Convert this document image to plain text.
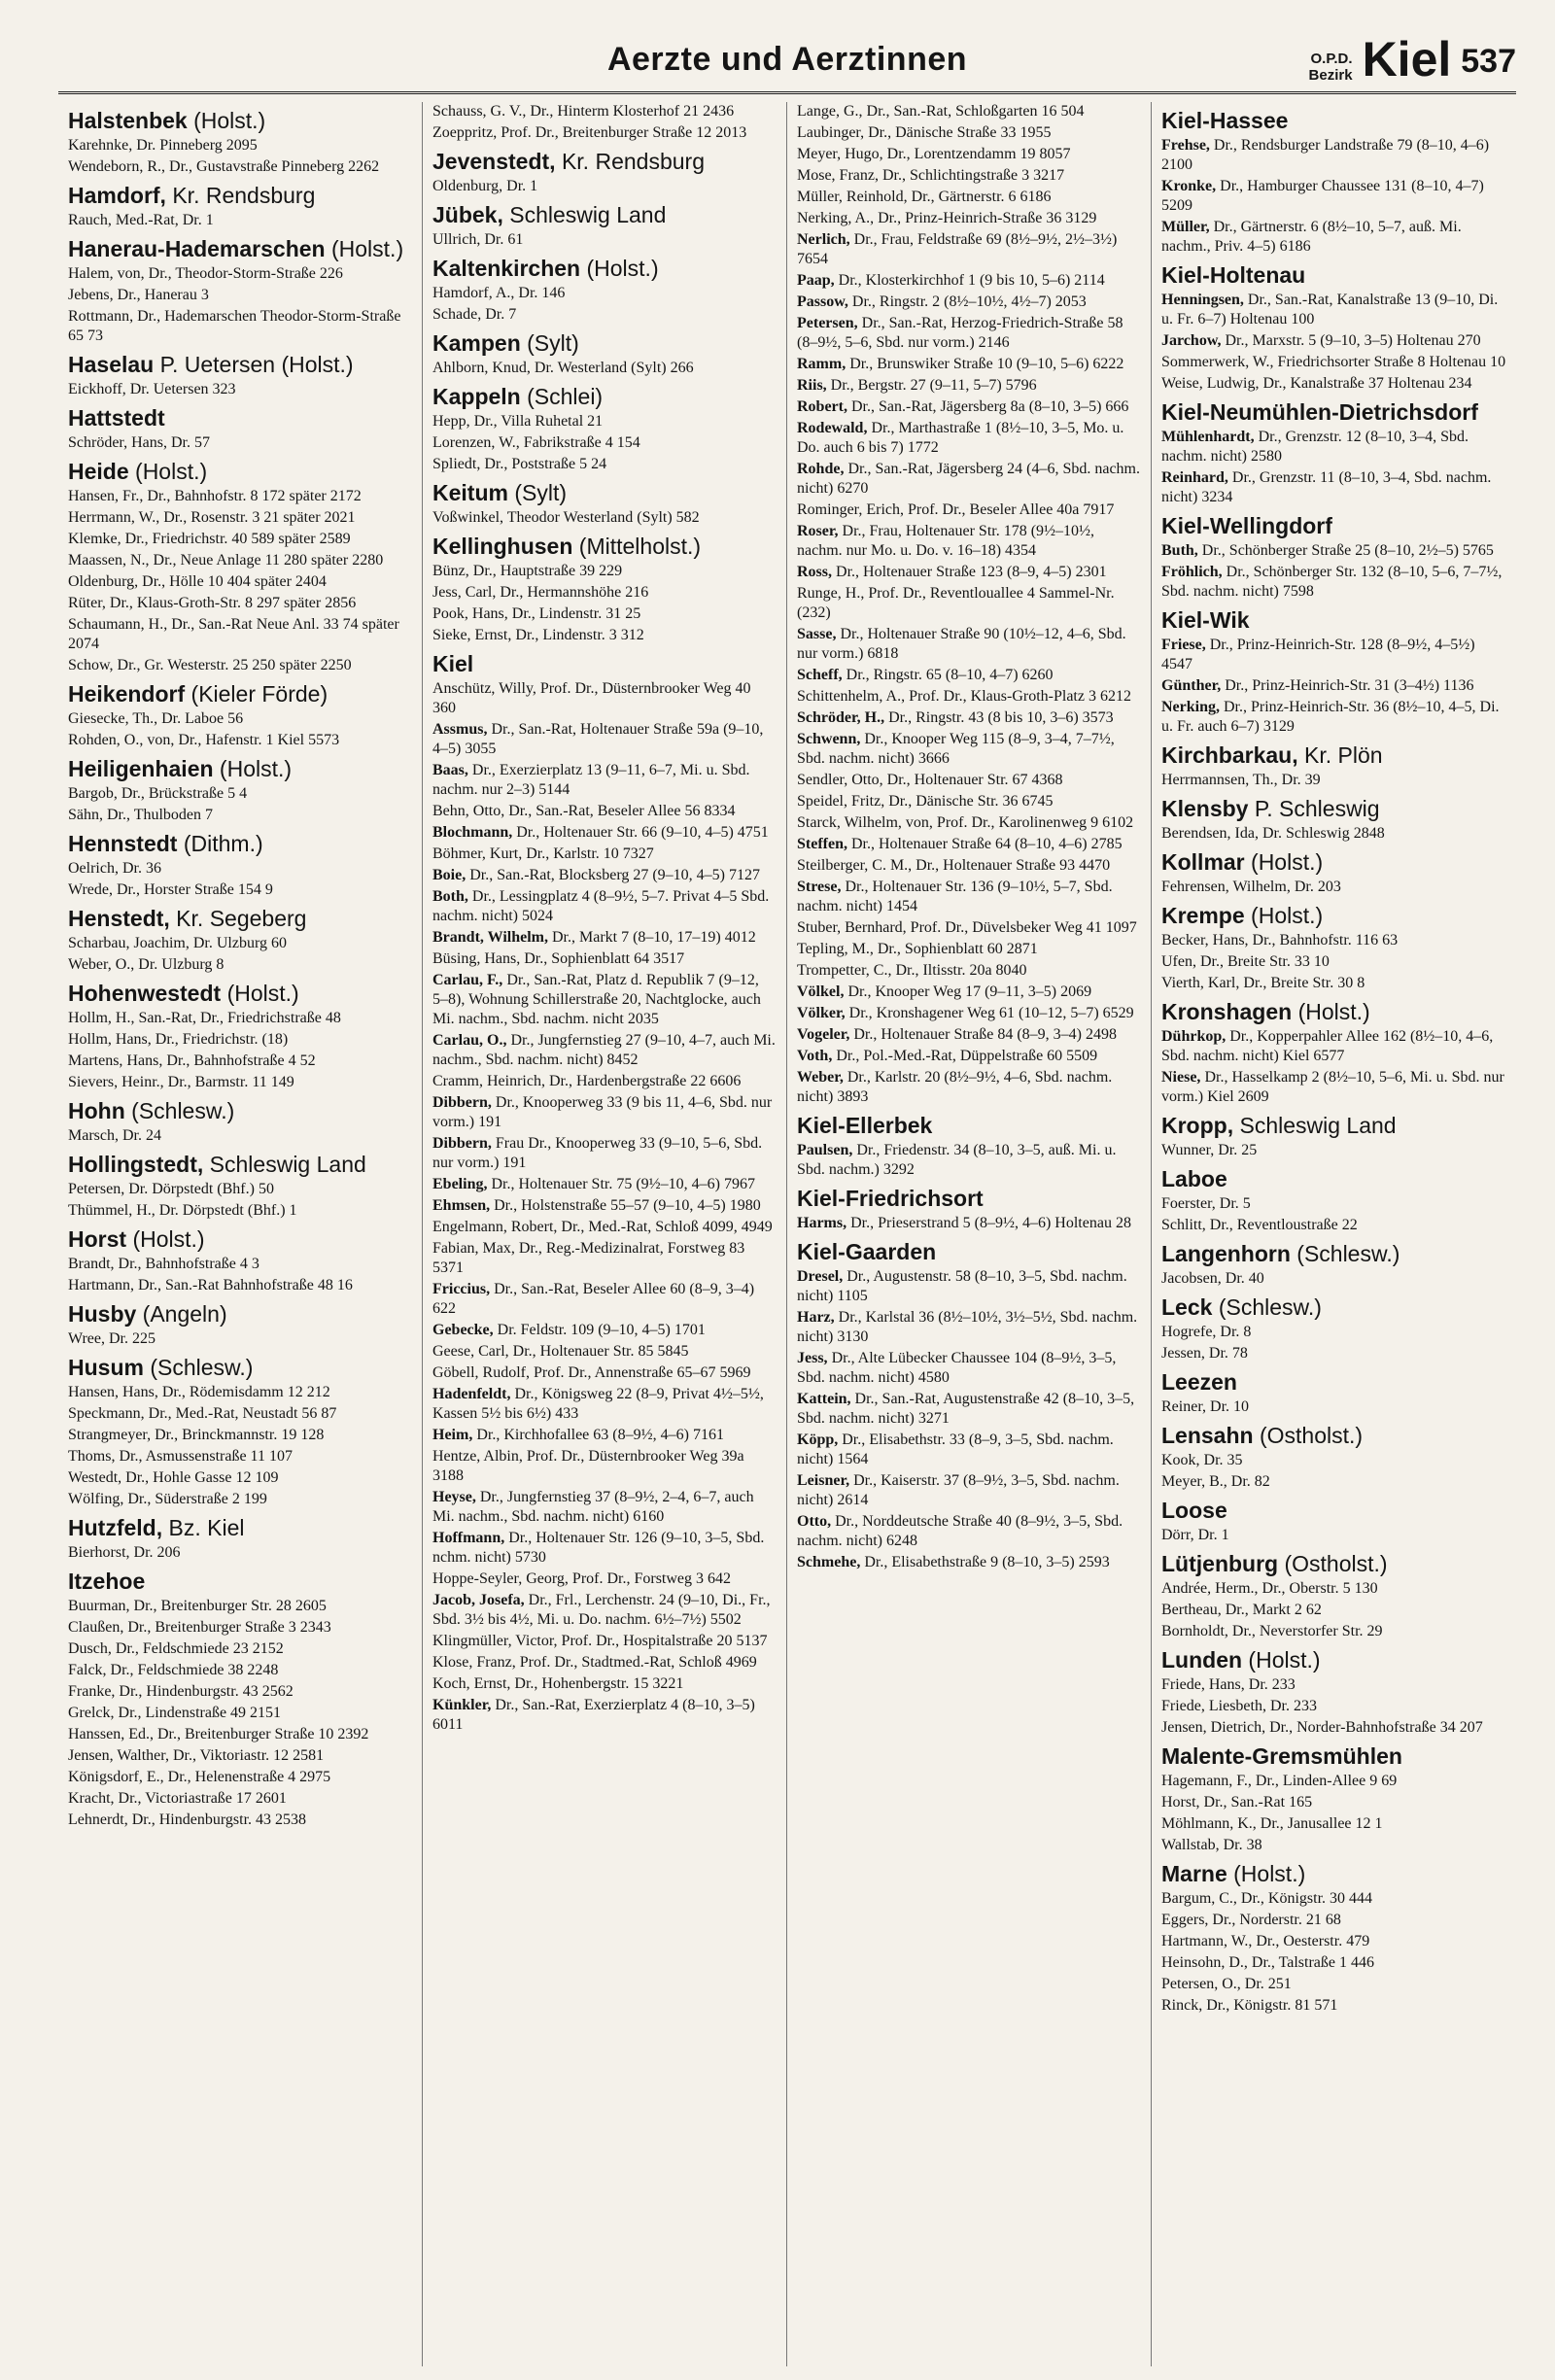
Aerzte und Aerztinnen	O.P.D.
Bezirk Kiel 537
Halstenbek (Holst.)
Karehnke, Dr. Pinneberg 2095
Wendeborn, R., Dr., Gustavstraße Pinneberg 2262
Hamdorf, Kr. Rendsburg
Rauch, Med.-Rat, Dr. 1
Hanerau-Hademarschen (Holst.)
Halem, von, Dr., Theodor-Storm-Straße 226
Jebens, Dr., Hanerau 3
Rottmann, Dr., Hademarschen Theodor-Storm-Straße 65 73
Haselau P. Uetersen (Holst.)
Eickhoff, Dr. Uetersen 323
Hattstedt
Schröder, Hans, Dr. 57
Heide (Holst.)
Hansen, Fr., Dr., Bahnhofstr. 8 172 später 2172
Herrmann, W., Dr., Rosenstr. 3 21 später 2021
Klemke, Dr., Friedrichstr. 40 589 später 2589
Maassen, N., Dr., Neue Anlage 11 280 später 2280
Oldenburg, Dr., Hölle 10 404 später 2404
Rüter, Dr., Klaus-Groth-Str. 8 297 später 2856
Schaumann, H., Dr., San.-Rat Neue Anl. 33 74 später 2074
Schow, Dr., Gr. Westerstr. 25 250 später 2250
Heikendorf (Kieler Förde)
Giesecke, Th., Dr. Laboe 56
Rohden, O., von, Dr., Hafenstr. 1 Kiel 5573
Heiligenhaien (Holst.)
Bargob, Dr., Brückstraße 5 4
Sähn, Dr., Thulboden 7
Hennstedt (Dithm.)
Oelrich, Dr. 36
Wrede, Dr., Horster Straße 154 9
Henstedt, Kr. Segeberg
Scharbau, Joachim, Dr. Ulzburg 60
Weber, O., Dr. Ulzburg 8
Hohenwestedt (Holst.)
Hollm, H., San.-Rat, Dr., Friedrichstraße 48
Hollm, Hans, Dr., Friedrichstr. (18)
Martens, Hans, Dr., Bahnhofstraße 4 52
Sievers, Heinr., Dr., Barmstr. 11 149
Hohn (Schlesw.)
Marsch, Dr. 24
Hollingstedt, Schleswig Land
Petersen, Dr. Dörpstedt (Bhf.) 50
Thümmel, H., Dr. Dörpstedt (Bhf.) 1
Horst (Holst.)
Brandt, Dr., Bahnhofstraße 4 3
Hartmann, Dr., San.-Rat Bahnhofstraße 48 16
Husby (Angeln)
Wree, Dr. 225
Husum (Schlesw.)
Hansen, Hans, Dr., Rödemisdamm 12 212
Speckmann, Dr., Med.-Rat, Neustadt 56 87
Strangmeyer, Dr., Brinckmannstr. 19 128
Thoms, Dr., Asmussenstraße 11 107
Westedt, Dr., Hohle Gasse 12 109
Wölfing, Dr., Süderstraße 2 199
Hutzfeld, Bz. Kiel
Bierhorst, Dr. 206
Itzehoe
Buurman, Dr., Breitenburger Str. 28 2605
Claußen, Dr., Breitenburger Straße 3 2343
Dusch, Dr., Feldschmiede 23 2152
Falck, Dr., Feldschmiede 38 2248
Franke, Dr., Hindenburgstr. 43 2562
Grelck, Dr., Lindenstraße 49 2151
Hanssen, Ed., Dr., Breitenburger Straße 10 2392
Jensen, Walther, Dr., Viktoriastr. 12 2581
Königsdorf, E., Dr., Helenenstraße 4 2975
Kracht, Dr., Victoriastraße 17 2601
Lehnerdt, Dr., Hindenburgstr. 43 2538
Schauss, G. V., Dr., Hinterm Klosterhof 21 2436
Zoeppritz, Prof. Dr., Breitenburger Straße 12 2013
Jevenstedt, Kr. Rendsburg
Oldenburg, Dr. 1
Jübek, Schleswig Land
Ullrich, Dr. 61
Kaltenkirchen (Holst.)
Hamdorf, A., Dr. 146
Schade, Dr. 7
Kampen (Sylt)
Ahlborn, Knud, Dr. Westerland (Sylt) 266
Kappeln (Schlei)
Hepp, Dr., Villa Ruhetal 21
Lorenzen, W., Fabrikstraße 4 154
Spliedt, Dr., Poststraße 5 24
Keitum (Sylt)
Voßwinkel, Theodor Westerland (Sylt) 582
Kellinghusen (Mittelholst.)
Bünz, Dr., Hauptstraße 39 229
Jess, Carl, Dr., Hermannshöhe 216
Pook, Hans, Dr., Lindenstr. 31 25
Sieke, Ernst, Dr., Lindenstr. 3 312
Kiel
Anschütz, Willy, Prof. Dr., Düsternbrooker Weg 40 360
Assmus, Dr., San.-Rat, Holtenauer Straße 59a (9–10, 4–5) 3055
Baas, Dr., Exerzierplatz 13 (9–11, 6–7, Mi. u. Sbd. nachm. nur 2–3) 5144
Behn, Otto, Dr., San.-Rat, Beseler Allee 56 8334
Blochmann, Dr., Holtenauer Str. 66 (9–10, 4–5) 4751
Böhmer, Kurt, Dr., Karlstr. 10 7327
Boie, Dr., San.-Rat, Blocksberg 27 (9–10, 4–5) 7127
Both, Dr., Lessingplatz 4 (8–9½, 5–7. Privat 4–5 Sbd. nachm. nicht) 5024
Brandt, Wilhelm, Dr., Markt 7 (8–10, 17–19) 4012
Büsing, Hans, Dr., Sophienblatt 64 3517
Carlau, F., Dr., San.-Rat, Platz d. Republik 7 (9–12, 5–8), Wohnung Schillerstraße 20, Nachtglocke, auch Mi. nachm., Sbd. nachm. nicht 2035
Carlau, O., Dr., Jungfernstieg 27 (9–10, 4–7, auch Mi. nachm., Sbd. nachm. nicht) 8452
Cramm, Heinrich, Dr., Hardenbergstraße 22 6606
Dibbern, Dr., Knooperweg 33 (9 bis 11, 4–6, Sbd. nur vorm.) 191
Dibbern, Frau Dr., Knooperweg 33 (9–10, 5–6, Sbd. nur vorm.) 191
Ebeling, Dr., Holtenauer Str. 75 (9½–10, 4–6) 7967
Ehmsen, Dr., Holstenstraße 55–57 (9–10, 4–5) 1980
Engelmann, Robert, Dr., Med.-Rat, Schloß 4099, 4949
Fabian, Max, Dr., Reg.-Medizinalrat, Forstweg 83 5371
Friccius, Dr., San.-Rat, Beseler Allee 60 (8–9, 3–4) 622
Gebecke, Dr. Feldstr. 109 (9–10, 4–5) 1701
Geese, Carl, Dr., Holtenauer Str. 85 5845
Göbell, Rudolf, Prof. Dr., Annenstraße 65–67 5969
Hadenfeldt, Dr., Königsweg 22 (8–9, Privat 4½–5½, Kassen 5½ bis 6½) 433
Heim, Dr., Kirchhofallee 63 (8–9½, 4–6) 7161
Hentze, Albin, Prof. Dr., Düsternbrooker Weg 39a 3188
Heyse, Dr., Jungfernstieg 37 (8–9½, 2–4, 6–7, auch Mi. nachm., Sbd. nachm. nicht) 6160
Hoffmann, Dr., Holtenauer Str. 126 (9–10, 3–5, Sbd. nchm. nicht) 5730
Hoppe-Seyler, Georg, Prof. Dr., Forstweg 3 642
Jacob, Josefa, Dr., Frl., Lerchenstr. 24 (9–10, Di., Fr., Sbd. 3½ bis 4½, Mi. u. Do. nachm. 6½–7½) 5502
Klingmüller, Victor, Prof. Dr., Hospitalstraße 20 5137
Klose, Franz, Prof. Dr., Stadtmed.-Rat, Schloß 4969
Koch, Ernst, Dr., Hohenbergstr. 15 3221
Künkler, Dr., San.-Rat, Exerzierplatz 4 (8–10, 3–5) 6011
Lange, G., Dr., San.-Rat, Schloßgarten 16 504
Laubinger, Dr., Dänische Straße 33 1955
Meyer, Hugo, Dr., Lorentzendamm 19 8057
Mose, Franz, Dr., Schlichtingstraße 3 3217
Müller, Reinhold, Dr., Gärtnerstr. 6 6186
Nerking, A., Dr., Prinz-Heinrich-Straße 36 3129
Nerlich, Dr., Frau, Feldstraße 69 (8½–9½, 2½–3½) 7654
Paap, Dr., Klosterkirchhof 1 (9 bis 10, 5–6) 2114
Passow, Dr., Ringstr. 2 (8½–10½, 4½–7) 2053
Petersen, Dr., San.-Rat, Herzog-Friedrich-Straße 58 (8–9½, 5–6, Sbd. nur vorm.) 2146
Ramm, Dr., Brunswiker Straße 10 (9–10, 5–6) 6222
Riis, Dr., Bergstr. 27 (9–11, 5–7) 5796
Robert, Dr., San.-Rat, Jägersberg 8a (8–10, 3–5) 666
Rodewald, Dr., Marthastraße 1 (8½–10, 3–5, Mo. u. Do. auch 6 bis 7) 1772
Rohde, Dr., San.-Rat, Jägersberg 24 (4–6, Sbd. nachm. nicht) 6270
Rominger, Erich, Prof. Dr., Beseler Allee 40a 7917
Roser, Dr., Frau, Holtenauer Str. 178 (9½–10½, nachm. nur Mo. u. Do. v. 16–18) 4354
Ross, Dr., Holtenauer Straße 123 (8–9, 4–5) 2301
Runge, H., Prof. Dr., Reventlouallee 4 Sammel-Nr. (232)
Sasse, Dr., Holtenauer Straße 90 (10½–12, 4–6, Sbd. nur vorm.) 6818
Scheff, Dr., Ringstr. 65 (8–10, 4–7) 6260
Schittenhelm, A., Prof. Dr., Klaus-Groth-Platz 3 6212
Schröder, H., Dr., Ringstr. 43 (8 bis 10, 3–6) 3573
Schwenn, Dr., Knooper Weg 115 (8–9, 3–4, 7–7½, Sbd. nachm. nicht) 3666
Sendler, Otto, Dr., Holtenauer Str. 67 4368
Speidel, Fritz, Dr., Dänische Str. 36 6745
Starck, Wilhelm, von, Prof. Dr., Karolinenweg 9 6102
Steffen, Dr., Holtenauer Straße 64 (8–10, 4–6) 2785
Steilberger, C. M., Dr., Holtenauer Straße 93 4470
Strese, Dr., Holtenauer Str. 136 (9–10½, 5–7, Sbd. nachm. nicht) 1454
Stuber, Bernhard, Prof. Dr., Düvelsbeker Weg 41 1097
Tepling, M., Dr., Sophienblatt 60 2871
Trompetter, C., Dr., Iltisstr. 20a 8040
Völkel, Dr., Knooper Weg 17 (9–11, 3–5) 2069
Völker, Dr., Kronshagener Weg 61 (10–12, 5–7) 6529
Vogeler, Dr., Holtenauer Straße 84 (8–9, 3–4) 2498
Voth, Dr., Pol.-Med.-Rat, Düppelstraße 60 5509
Weber, Dr., Karlstr. 20 (8½–9½, 4–6, Sbd. nachm. nicht) 3893
Kiel-Ellerbek
Paulsen, Dr., Friedenstr. 34 (8–10, 3–5, auß. Mi. u. Sbd. nachm.) 3292
Kiel-Friedrichsort
Harms, Dr., Prieserstrand 5 (8–9½, 4–6) Holtenau 28
Kiel-Gaarden
Dresel, Dr., Augustenstr. 58 (8–10, 3–5, Sbd. nachm. nicht) 1105
Harz, Dr., Karlstal 36 (8½–10½, 3½–5½, Sbd. nachm. nicht) 3130
Jess, Dr., Alte Lübecker Chaussee 104 (8–9½, 3–5, Sbd. nachm. nicht) 4580
Kattein, Dr., San.-Rat, Augustenstraße 42 (8–10, 3–5, Sbd. nachm. nicht) 3271
Köpp, Dr., Elisabethstr. 33 (8–9, 3–5, Sbd. nachm. nicht) 1564
Leisner, Dr., Kaiserstr. 37 (8–9½, 3–5, Sbd. nachm. nicht) 2614
Otto, Dr., Norddeutsche Straße 40 (8–9½, 3–5, Sbd. nachm. nicht) 6248
Schmehe, Dr., Elisabethstraße 9 (8–10, 3–5) 2593
Kiel-Hassee
Frehse, Dr., Rendsburger Landstraße 79 (8–10, 4–6) 2100
Kronke, Dr., Hamburger Chaussee 131 (8–10, 4–7) 5209
Müller, Dr., Gärtnerstr. 6 (8½–10, 5–7, auß. Mi. nachm., Priv. 4–5) 6186
Kiel-Holtenau
Henningsen, Dr., San.-Rat, Kanalstraße 13 (9–10, Di. u. Fr. 6–7) Holtenau 100
Jarchow, Dr., Marxstr. 5 (9–10, 3–5) Holtenau 270
Sommerwerk, W., Friedrichsorter Straße 8 Holtenau 10
Weise, Ludwig, Dr., Kanalstraße 37 Holtenau 234
Kiel-Neumühlen-Dietrichsdorf
Mühlenhardt, Dr., Grenzstr. 12 (8–10, 3–4, Sbd. nachm. nicht) 2580
Reinhard, Dr., Grenzstr. 11 (8–10, 3–4, Sbd. nachm. nicht) 3234
Kiel-Wellingdorf
Buth, Dr., Schönberger Straße 25 (8–10, 2½–5) 5765
Fröhlich, Dr., Schönberger Str. 132 (8–10, 5–6, 7–7½, Sbd. nachm. nicht) 7598
Kiel-Wik
Friese, Dr., Prinz-Heinrich-Str. 128 (8–9½, 4–5½) 4547
Günther, Dr., Prinz-Heinrich-Str. 31 (3–4½) 1136
Nerking, Dr., Prinz-Heinrich-Str. 36 (8½–10, 4–5, Di. u. Fr. auch 6–7) 3129
Kirchbarkau, Kr. Plön
Herrmannsen, Th., Dr. 39
Klensby P. Schleswig
Berendsen, Ida, Dr. Schleswig 2848
Kollmar (Holst.)
Fehrensen, Wilhelm, Dr. 203
Krempe (Holst.)
Becker, Hans, Dr., Bahnhofstr. 116 63
Ufen, Dr., Breite Str. 33 10
Vierth, Karl, Dr., Breite Str. 30 8
Kronshagen (Holst.)
Dührkop, Dr., Kopperpahler Allee 162 (8½–10, 4–6, Sbd. nachm. nicht) Kiel 6577
Niese, Dr., Hasselkamp 2 (8½–10, 5–6, Mi. u. Sbd. nur vorm.) Kiel 2609
Kropp, Schleswig Land
Wunner, Dr. 25
Laboe
Foerster, Dr. 5
Schlitt, Dr., Reventloustraße 22
Langenhorn (Schlesw.)
Jacobsen, Dr. 40
Leck (Schlesw.)
Hogrefe, Dr. 8
Jessen, Dr. 78
Leezen
Reiner, Dr. 10
Lensahn (Ostholst.)
Kook, Dr. 35
Meyer, B., Dr. 82
Loose
Dörr, Dr. 1
Lütjenburg (Ostholst.)
Andrée, Herm., Dr., Oberstr. 5 130
Bertheau, Dr., Markt 2 62
Bornholdt, Dr., Neverstorfer Str. 29
Lunden (Holst.)
Friede, Hans, Dr. 233
Friede, Liesbeth, Dr. 233
Jensen, Dietrich, Dr., Norder-Bahnhofstraße 34 207
Malente-Gremsmühlen
Hagemann, F., Dr., Linden-Allee 9 69
Horst, Dr., San.-Rat 165
Möhlmann, K., Dr., Janusallee 12 1
Wallstab, Dr. 38
Marne (Holst.)
Bargum, C., Dr., Königstr. 30 444
Eggers, Dr., Norderstr. 21 68
Hartmann, W., Dr., Oesterstr. 479
Heinsohn, D., Dr., Talstraße 1 446
Petersen, O., Dr. 251
Rinck, Dr., Königstr. 81 571
